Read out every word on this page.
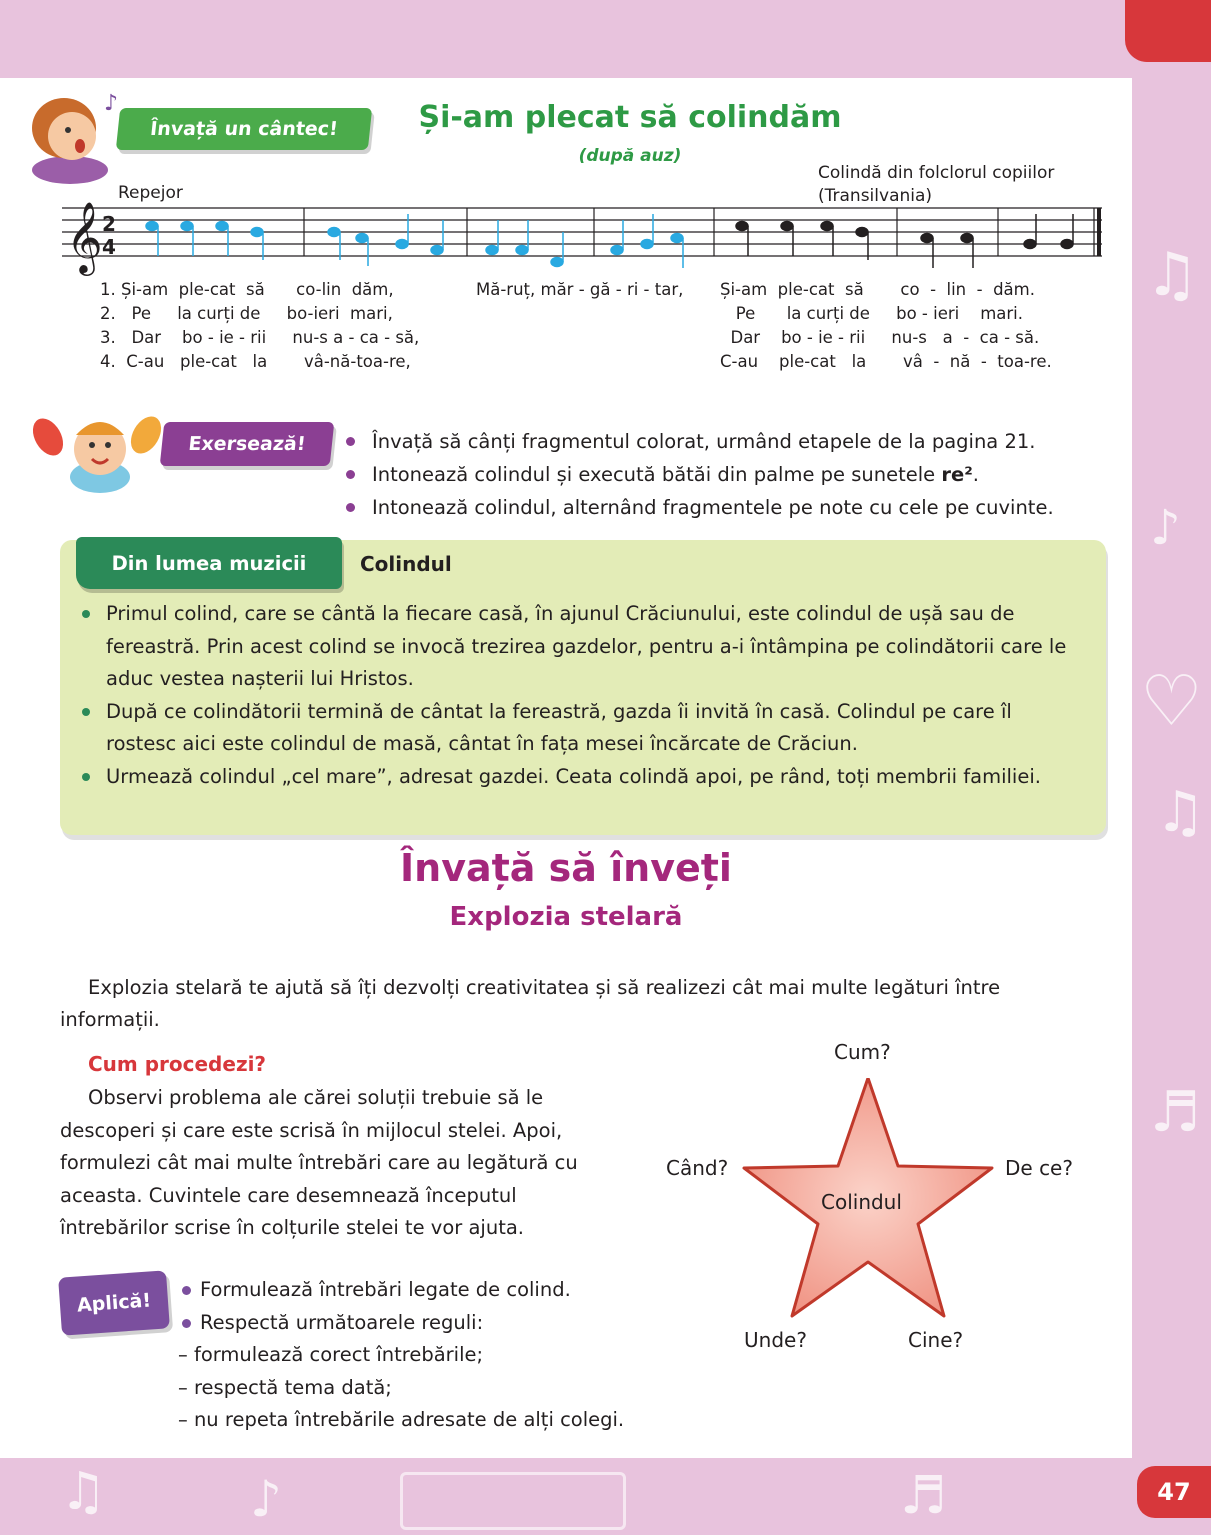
♫
♪
♡
♫
♬
♫	♪	♬	47
♪
Învață un cântec!	Și-am plecat să colindăm
(după auz)
Colindă din folclorul copiilor
(Transilvania)
Repejor
𝄞 2
4
1. Și-am  ple-cat  să      co-lin  dăm,
2.   Pe     la curți de     bo-ieri  mari,
3.   Dar    bo - ie - rii     nu-s a - ca - să,
4.  C-au   ple-cat   la       vâ-nă-toa-re,
Mă-ruț, măr - gă - ri - tar, Și-am  ple-cat  să       co  -  lin  -  dăm.
Pe      la curți de     bo - ieri    mari.
Dar    bo - ie - rii     nu-s   a  -  ca - să.
C-au    ple-cat   la       vâ  -  nă  -  toa-re.
Exersează!	Învață să cânți fragmentul colorat, urmând etapele de la pagina 21.
Intonează colindul și execută bătăi din palme pe sunetele re².
Intonează colindul, alternând fragmentele pe note cu cele pe cuvinte.
Din lumea muzicii	Colindul
Primul colind, care se cântă la fiecare casă, în ajunul Crăciunului, este colindul de ușă sau de fereastră. Prin acest colind se invocă trezirea gazdelor, pentru a-i întâmpina pe colindătorii care le aduc vestea nașterii lui Hristos.
După ce colindătorii termină de cântat la fereastră, gazda îi invită în casă. Colindul pe care îl rostesc aici este colindul de masă, cântat în fața mesei încărcate de Crăciun.
Urmează colindul „cel mare”, adresat gazdei. Ceata colindă apoi, pe rând, toți membrii familiei.
Învață să înveți
Explozia stelară
Explozia stelară te ajută să îți dezvolți creativitatea și să realizezi cât mai multe legături între informații.
Cum procedezi?
Observi problema ale cărei soluții trebuie să le descoperi și care este scrisă în mijlocul stelei. Apoi, formulezi cât mai multe întrebări care au legătură cu aceasta. Cuvintele care desemnează începutul întrebărilor scrise în colțurile stelei te vor ajuta.
Aplică!	Formulează întrebări legate de colind.
Respectă următoarele reguli:
– formulează corect întrebările;
– respectă tema dată;
– nu repeta întrebările adresate de alți colegi.
Colindul
Cum?
Când?	De ce?
Unde?	Cine?
